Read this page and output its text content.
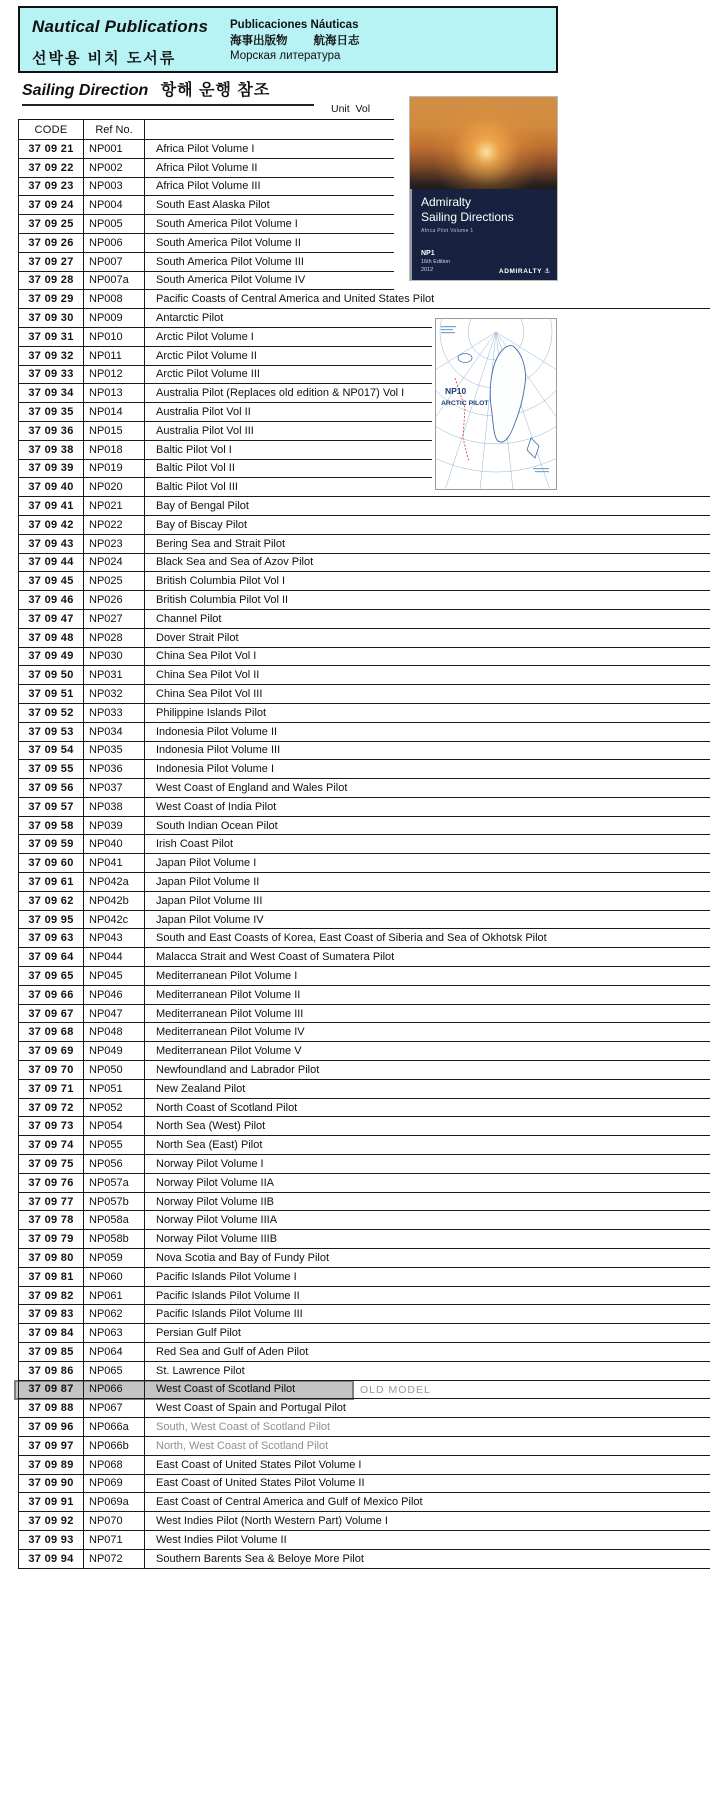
Nautical Publications
선박용 비치 도서류
Publicaciones Náuticas
海事出版物 航海日志
Морская литература
Sailing Direction 항해 운행 참조
Unit  Vol
CODE	Ref No.
37 09 21	NP001	Africa Pilot Volume I
37 09 22	NP002	Africa Pilot Volume II
37 09 23	NP003	Africa Pilot Volume III
37 09 24	NP004	South East Alaska Pilot
37 09 25	NP005	South America Pilot Volume I
37 09 26	NP006	South America Pilot Volume II
37 09 27	NP007	South America Pilot Volume III
37 09 28	NP007a	South America Pilot Volume IV
37 09 29	NP008	Pacific Coasts of Central America and United States Pilot
37 09 30	NP009	Antarctic Pilot
37 09 31	NP010	Arctic Pilot Volume I
37 09 32	NP011	Arctic Pilot Volume II
37 09 33	NP012	Arctic Pilot Volume III
37 09 34	NP013	Australia Pilot (Replaces old edition & NP017) Vol I
37 09 35	NP014	Australia Pilot Vol II
37 09 36	NP015	Australia Pilot Vol III
37 09 38	NP018	Baltic Pilot Vol I
37 09 39	NP019	Baltic Pilot Vol II
37 09 40	NP020	Baltic Pilot Vol III
37 09 41	NP021	Bay of Bengal Pilot
37 09 42	NP022	Bay of Biscay Pilot
37 09 43	NP023	Bering Sea and Strait Pilot
37 09 44	NP024	Black Sea and Sea of Azov Pilot
37 09 45	NP025	British Columbia Pilot Vol I
37 09 46	NP026	British Columbia Pilot Vol II
37 09 47	NP027	Channel Pilot
37 09 48	NP028	Dover Strait Pilot
37 09 49	NP030	China Sea Pilot Vol I
37 09 50	NP031	China Sea Pilot Vol II
37 09 51	NP032	China Sea Pilot Vol III
37 09 52	NP033	Philippine Islands Pilot
37 09 53	NP034	Indonesia Pilot Volume II
37 09 54	NP035	Indonesia Pilot Volume III
37 09 55	NP036	Indonesia Pilot Volume I
37 09 56	NP037	West Coast of England and Wales Pilot
37 09 57	NP038	West Coast of India Pilot
37 09 58	NP039	South Indian Ocean Pilot
37 09 59	NP040	Irish Coast Pilot
37 09 60	NP041	Japan Pilot Volume I
37 09 61	NP042a	Japan Pilot Volume II
37 09 62	NP042b	Japan Pilot Volume III
37 09 95	NP042c	Japan Pilot Volume IV
37 09 63	NP043	South and East Coasts of Korea, East Coast of Siberia and Sea of Okhotsk Pilot
37 09 64	NP044	Malacca Strait and West Coast of Sumatera Pilot
37 09 65	NP045	Mediterranean Pilot Volume I
37 09 66	NP046	Mediterranean Pilot Volume II
37 09 67	NP047	Mediterranean Pilot Volume III
37 09 68	NP048	Mediterranean Pilot Volume IV
37 09 69	NP049	Mediterranean Pilot Volume V
37 09 70	NP050	Newfoundland and Labrador Pilot
37 09 71	NP051	New Zealand Pilot
37 09 72	NP052	North Coast of Scotland Pilot
37 09 73	NP054	North Sea (West) Pilot
37 09 74	NP055	North Sea (East) Pilot
37 09 75	NP056	Norway Pilot Volume I
37 09 76	NP057a	Norway Pilot Volume IIA
37 09 77	NP057b	Norway Pilot Volume IIB
37 09 78	NP058a	Norway Pilot Volume IIIA
37 09 79	NP058b	Norway Pilot Volume IIIB
37 09 80	NP059	Nova Scotia and Bay of Fundy Pilot
37 09 81	NP060	Pacific Islands Pilot Volume I
37 09 82	NP061	Pacific Islands Pilot Volume II
37 09 83	NP062	Pacific Islands Pilot Volume III
37 09 84	NP063	Persian Gulf Pilot
37 09 85	NP064	Red Sea and Gulf of Aden Pilot
37 09 86	NP065	St. Lawrence Pilot
37 09 87	NP066	West Coast of Scotland Pilot	OLD MODEL
37 09 88	NP067	West Coast of Spain and Portugal Pilot
37 09 96	NP066a	South, West Coast of Scotland Pilot
37 09 97	NP066b	North, West Coast of Scotland Pilot
37 09 89	NP068	East Coast of United States Pilot Volume I
37 09 90	NP069	East Coast of United States Pilot Volume II
37 09 91	NP069a	East Coast of Central America and Gulf of Mexico Pilot
37 09 92	NP070	West Indies Pilot (North Western Part) Volume I
37 09 93	NP071	West Indies Pilot Volume II
37 09 94	NP072	Southern Barents Sea & Beloye More Pilot
Admiralty
Sailing Directions
Africa Pilot Volume 1
NP1
16th Edition
2012	ADMIRALTY ⚓
NP10
ARCTIC PILOT
